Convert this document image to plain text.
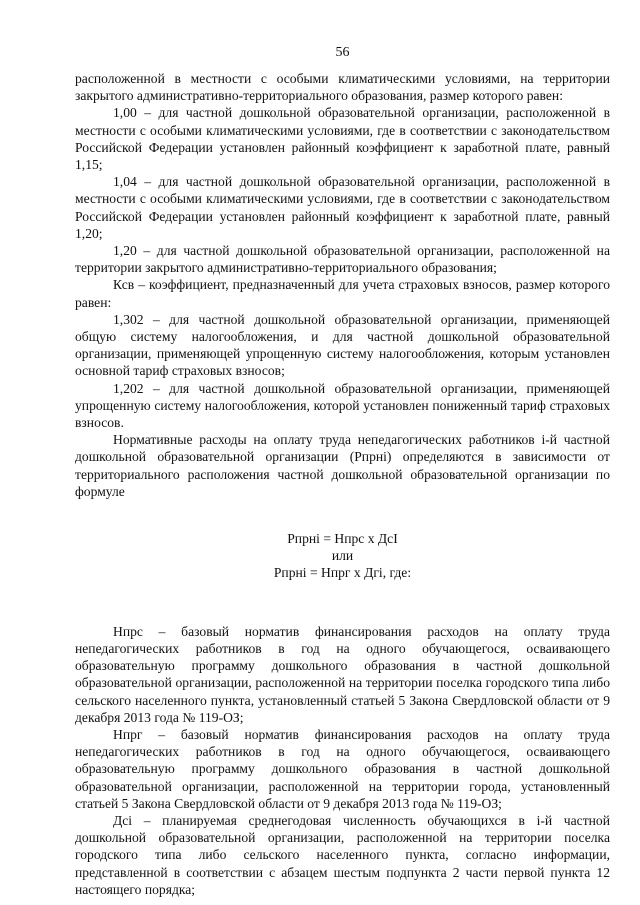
56

расположенной в местности с особыми климатическими условиями, на территории закрытого административно-территориального образования, размер которого равен:

1,00 – для частной дошкольной образовательной организации, расположенной в местности с особыми климатическими условиями, где в соответствии с законодательством Российской Федерации установлен районный коэффициент к заработной плате, равный 1,15;

1,04 – для частной дошкольной образовательной организации, расположенной в местности с особыми климатическими условиями, где в соответствии с законодательством Российской Федерации установлен районный коэффициент к заработной плате, равный 1,20;

1,20 – для частной дошкольной образовательной организации, расположенной на территории закрытого административно-территориального образования;

Ксв – коэффициент, предназначенный для учета страховых взносов, размер которого равен:

1,302 – для частной дошкольной образовательной организации, применяющей общую систему налогообложения, и для частной дошкольной образовательной организации, применяющей упрощенную систему налогообложения, которым установлен основной тариф страховых взносов;

1,202 – для частной дошкольной образовательной организации, применяющей упрощенную систему налогообложения, которой установлен пониженный тариф страховых взносов.

Нормативные расходы на оплату труда непедагогических работников i-й частной дошкольной образовательной организации (Рпрнi) определяются в зависимости от территориального расположения частной дошкольной образовательной организации по формуле

Рпрнi = Нпрс x ДсI
или
Рпрнi = Нпрг x Дгi, где:

Нпрс – базовый норматив финансирования расходов на оплату труда непедагогических работников в год на одного обучающегося, осваивающего образовательную программу дошкольного образования в частной дошкольной образовательной организации, расположенной на территории поселка городского типа либо сельского населенного пункта, установленный статьей 5 Закона Свердловской области от 9 декабря 2013 года № 119-ОЗ;

Нпрг – базовый норматив финансирования расходов на оплату труда непедагогических работников в год на одного обучающегося, осваивающего образовательную программу дошкольного образования в частной дошкольной образовательной организации, расположенной на территории города, установленный статьей 5 Закона Свердловской области от 9 декабря 2013 года № 119-ОЗ;

Дсi – планируемая среднегодовая численность обучающихся в i-й частной дошкольной образовательной организации, расположенной на территории поселка городского типа либо сельского населенного пункта, согласно информации, представленной в соответствии с абзацем шестым подпункта 2 части первой пункта 12 настоящего порядка;
